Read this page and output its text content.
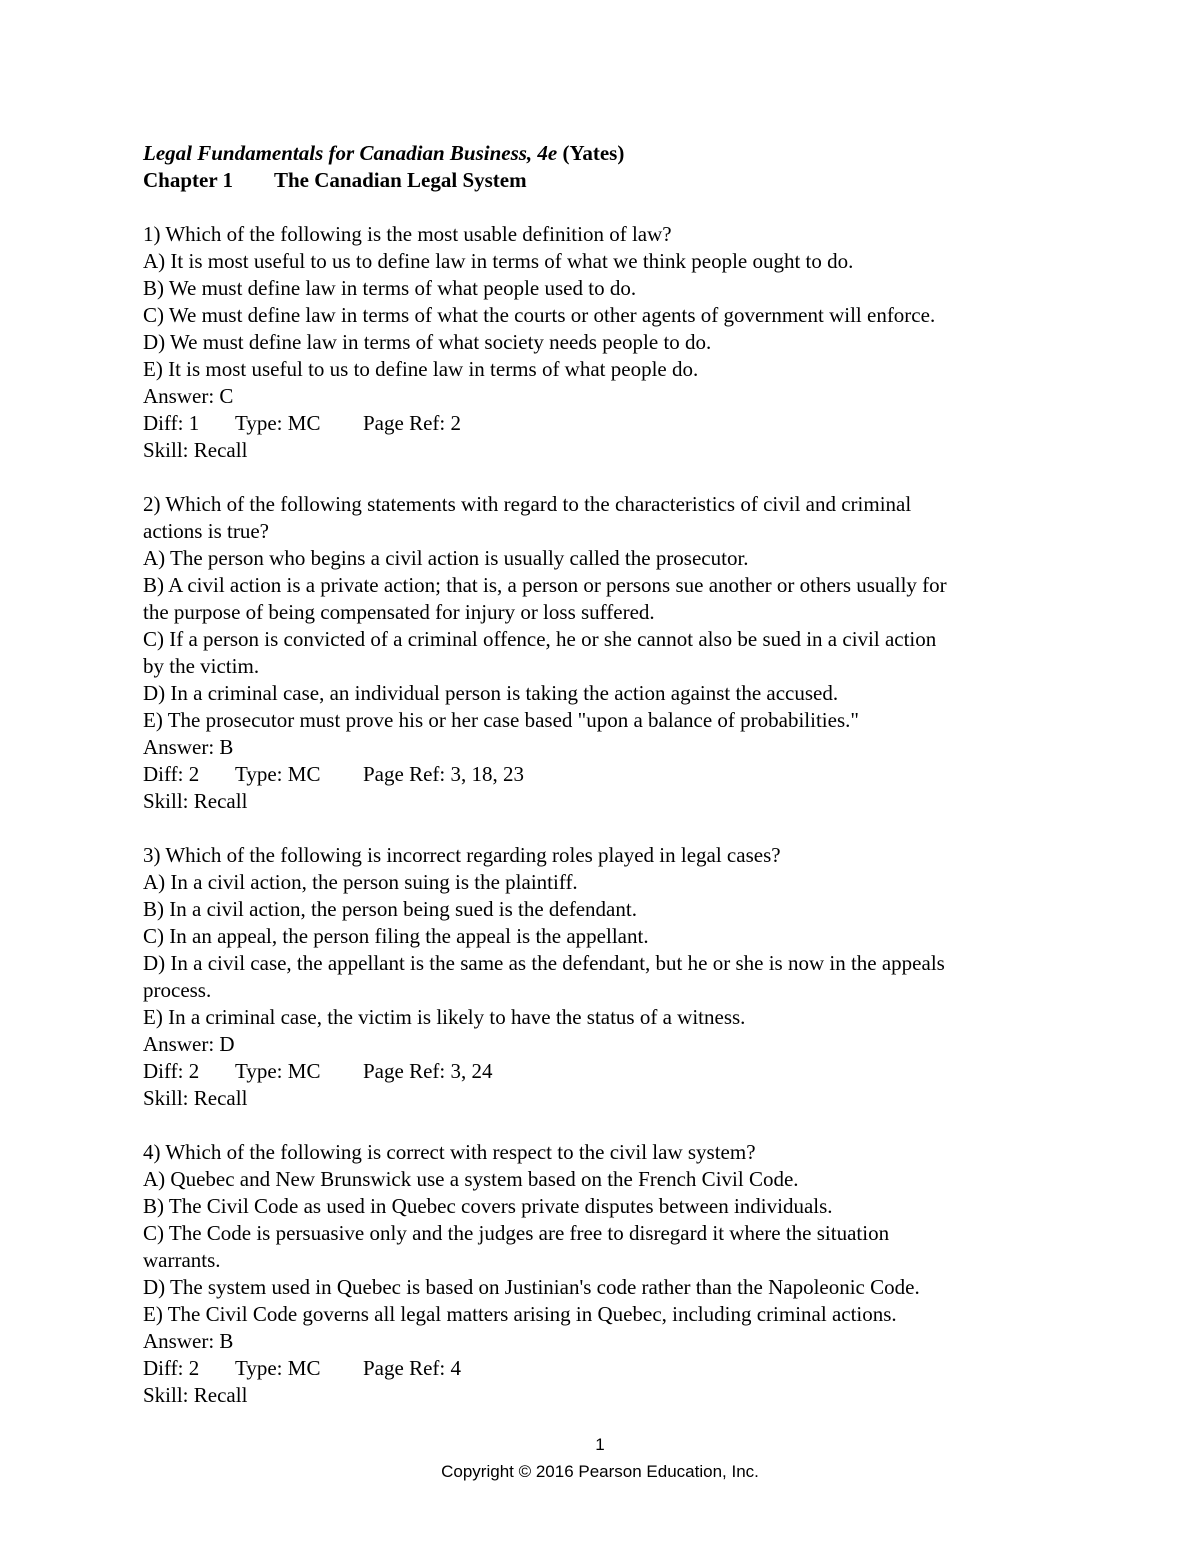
Legal Fundamentals for Canadian Business, 4e (Yates)
Chapter 1 The Canadian Legal System
1) Which of the following is the most usable definition of law?
A) It is most useful to us to define law in terms of what we think people ought to do.
B) We must define law in terms of what people used to do.
C) We must define law in terms of what the courts or other agents of government will enforce.
D) We must define law in terms of what society needs people to do.
E) It is most useful to us to define law in terms of what people do.
Answer: C
Diff: 1 Type: MC Page Ref: 2
Skill: Recall
2) Which of the following statements with regard to the characteristics of civil and criminal
actions is true?
A) The person who begins a civil action is usually called the prosecutor.
B) A civil action is a private action; that is, a person or persons sue another or others usually for
the purpose of being compensated for injury or loss suffered.
C) If a person is convicted of a criminal offence, he or she cannot also be sued in a civil action
by the victim.
D) In a criminal case, an individual person is taking the action against the accused.
E) The prosecutor must prove his or her case based "upon a balance of probabilities."
Answer: B
Diff: 2 Type: MC Page Ref: 3, 18, 23
Skill: Recall
3) Which of the following is incorrect regarding roles played in legal cases?
A) In a civil action, the person suing is the plaintiff.
B) In a civil action, the person being sued is the defendant.
C) In an appeal, the person filing the appeal is the appellant.
D) In a civil case, the appellant is the same as the defendant, but he or she is now in the appeals
process.
E) In a criminal case, the victim is likely to have the status of a witness.
Answer: D
Diff: 2 Type: MC Page Ref: 3, 24
Skill: Recall
4) Which of the following is correct with respect to the civil law system?
A) Quebec and New Brunswick use a system based on the French Civil Code.
B) The Civil Code as used in Quebec covers private disputes between individuals.
C) The Code is persuasive only and the judges are free to disregard it where the situation
warrants.
D) The system used in Quebec is based on Justinian's code rather than the Napoleonic Code.
E) The Civil Code governs all legal matters arising in Quebec, including criminal actions.
Answer: B
Diff: 2 Type: MC Page Ref: 4
Skill: Recall
1
Copyright © 2016 Pearson Education, Inc.
